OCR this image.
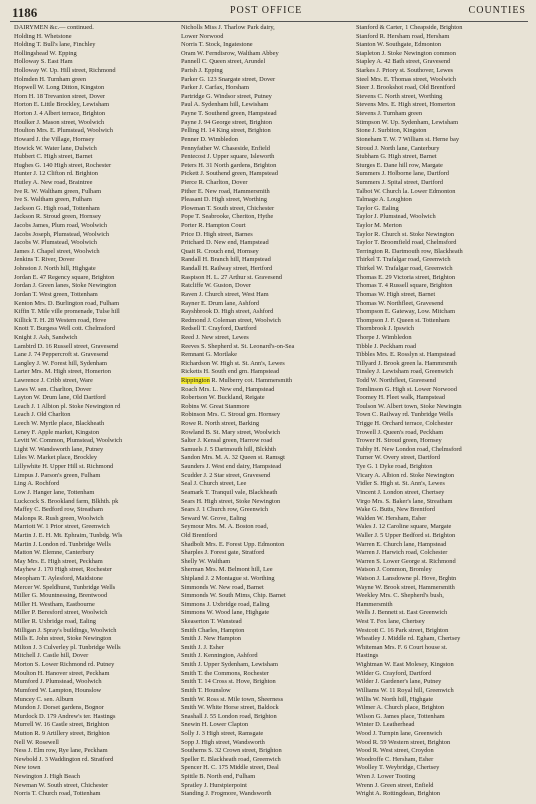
1186	POST OFFICE	COUNTIES
DAIRYMEN &c.— continued.
Holding H. Whetstone
Holding T. Bull's lane, Finchley
Hollingshead W. Epping
Holloway S. East Ham
Holloway W. Up. Hill street, Richmond
Holmden H. Turnham green
Hopwell W. Long Ditton, Kingston
Horn H. 18 Trevanion street, Dover
Horton E. Little Brockley, Lewisham
Horton J. 4 Albert terrace, Brighton
Houlker J. Mason street, Woolwich
Houlton Mrs. E. Plumstead, Woolwich
Howard J. the Village, Hornsey
Howick W. Water lane, Dulwich
Hubbert C. High street, Barnet
Hughes G. 140 High street, Rochester
Hunter J. 12 Clifton rd. Brighton
Hutley A. New road, Braintree
Ive R. W. Waltham green, Fulham
Ive S. Waltham green, Fulham
Jackson G. High road, Tottenham
Jackson R. Stroud green, Hornsey
Jacobs James, Plum road, Woolwich
Jacobs Joseph, Plumstead, Woolwich
Jacobs W. Plumstead, Woolwich
James J. Chapel street, Woolwich
Jenkins T. River, Dover
Johnston J. North hill, Highgate
Jordan E. 47 Regency square, Brighton
Jordan J. Green lanes, Stoke Newington
Jordan T. West green, Tottenham
Kenton Mrs. D. Burlington road, Fulham
Kiffin T. Mile ville promenade, Tulse hill
Killick T. H. 28 Western road, Hove
Knott T. Burgess Well cott. Chelmsford
Knight J. Ash, Sandwich
Lambird D. 16 Russell street, Gravesend
Lane J. 74 Peppercroft st. Gravesend
Langley J. W. Forest hill, Sydenham
Larter Mrs. M. High street, Homerton
Lawrence J. Cribb street, Ware
Laws W. sen. Charlton, Dover
Layton W. Drum lane, Old Dartford
Leach J. 1 Albion pl. Stoke Newington rd
Leach J. Old Charlton
Leech W. Myrtle place, Blackheath
Leney F. Apple market, Kingston
Levitt W. Common, Plumstead, Woolwich
Light W. Wandsworth lane, Putney
Liles W. Market place, Brockley
Lillywhite H. Upper Hill st. Richmond
Limpus J. Parson's green, Fulham
Ling A. Rochford
Low J. Hanger lane, Tottenham
Luckcock S. Brookland farm, Blkhth. pk
Maffey C. Bedford row, Streatham
Malonps R. Rush green, Woolwich
Marriott W. 1 Prior street, Greenwich
Martin J. E. H. Mt. Ephraim, Tunbdg. Wls
Martin J. London rd. Tunbridge Wells
Matton W. Elemne, Canterbury
May Mrs. E. High street, Peckham
Mayhew J. 170 High street, Rochester
Meopham T. Aylesford, Maidstone
Mercer W. Speldhurst, Tunbridge Wells
Miller G. Mountnessing, Brentwood
Miller H. Westham, Eastbourne
Miller P. Beresford street, Woolwich
Miller R. Uxbridge road, Ealing
Milligan J. Spray's buildings, Woolwich
Mills E. John street, Stoke Newington
Milton J. 3 Culverley pl. Tunbridge Wells
Mitchell J. Castle hill, Dover
Morton S. Lower Richmond rd. Putney
Moulton H. Hanover street, Peckham
Mumford J. Plumstead, Woolwich
Mumford W. Lampton, Hounslow
Muncey C. sen. Alburn
Mundon J. Dorset gardens, Bognor
Murdock D. 179 Andrew's ter. Hastings
Murrell W. 16 Castle street, Brighton
Mutton R. 9 Artillery street, Brighton
Nell W. Rosewell
Ness J. Elm row, Rye lane, Peckham
Newbold J. 3 Waddington rd. Stratford
New town
Newington J. High Beach
Newman W. South street, Chichester
Norris T. Church road, Tottenham
Nicholls Miss J. Tharlow Park dairy,
Lower Norwood
Norris T. Stock, Ingatestone
Oram W. Ferndisrow, Waltham Abbey
Pannell C. Queen street, Arundel
Parish J. Epping
Parker G. 123 Snargate street, Dover
Parker J. Carfax, Horsham
Partridge G. Windsor street, Putney
Paul A. Sydenham hill, Lewisham
Payne T. Southend green, Hampstead
Payne J. 94 George street, Brighton
Pelling H. 14 King street, Brighton
Penner D. Wimbledon
Pennyfather W. Chaseside, Enfield
Pentecost J. Upper square, Isleworth
Peters H. 31 North gardens, Brighton
Pickett J. Southend green, Hampstead
Pierce R. Charlton, Dover
Pither E. New road, Hammersmith
Pleasant D. High street, Worthing
Plowman T. South street, Chichester
Pope T. Seabrooke, Cheriton, Hythe
Porter R. Hampton Court
Price D. High street, Barnes
Pritchard D. New end, Hampstead
Quait R. Crouch end, Hornsey
Randall H. Branch hill, Hampstead
Randall H. Railway street, Hertford
Raspison H. L. 27 Arthur st. Gravesend
Ratcliffe W. Guston, Dover
Raven J. Church street, West Ham
Rayner E. Drum lane, Ashford
Rayshbrook D. High street, Ashford
Redmond J. Coleman street, Woolwich
Redsell T. Crayford, Dartford
Reed J. New street, Lewes
Reeves S. Shepherd st. St. Leonard's-on-Sea
Remnant G. Mortlake
Richardson W. High st. St. Ann's, Lewes
Ricketts H. South end grn. Hampstead
Rippington R. Mulberry cot. Hammersmith
Roach Mrs. L. New end, Hampstead
Robertson W. Buckland, Reigate
Robins W. Great Stanmore
Robinson Mrs. C. Stroud grn. Hornsey
Rowe R. North street, Barking
Rowland B. St. Mary street, Woolwich
Salter J. Kensal green, Harrow road
Samuels J. 5 Dartmouth hill, Blckhth
Sandon Mrs. M. A. 32 Queen st. Ramsgt
Saunders J. West end dairy, Hampstead
Scudder J. 2 Star street, Gravesend
Seal J. Church street, Lee
Seamark T. Tranquil vale, Blackheath
Sears H. High street, Stoke Newington
Sears J. 1 Church row, Greenwich
Seward W. Grove, Ealing
Seymour Mrs. M. A. Boston road,
Old Brentford
Shadbolt Mrs. E. Forest Upp. Edmonton
Sharples J. Forest gate, Stratford
Shelly W. Waltham
Sherman Mrs. M. Belmont hill, Lee
Shipland J. 2 Montague st. Worthing
Simmonds W. New road, Barnet
Simmonds W. South Mims, Chip. Barnet
Simmons J. Uxbridge road, Ealing
Simmons W. Wood lane, Highgate
Skeaserton T. Wanstead
Smith Charles, Hampton
Smith J. New Hampton
Smith J. J. Esher
Smith J. Kennington, Ashford
Smith J. Upper Sydenham, Lewisham
Smith T. the Commons, Rochester
Smith T. 14 Cross st. Hove, Brighton
Smith T. Hounslow
Smith W. Ross st. Mile town, Sheerness
Smith W. White Horse street, Baldock
Snashall J. 55 London road, Brighton
Snewin H. Lower Clapton
Solly J. 3 High street, Ramsgate
Sopp J. High street, Wandsworth
Southerns S. 32 Crown street, Brighton
Speller E. Blackheath road, Greenwich
Spencer H. C. 175 Middle street, Deal
Spittle B. North end, Fulham
Spratley J. Hurstpierpoint
Standing J. Frogmore, Wandsworth
Stanford & Carter, 1 Cheapside, Brighton
Stanford R. Hersham road, Hersham
Stanton W. Southgate, Edmonton
Stapleton J. Stoke Newington common
Stapley A. 42 Bath street, Gravesend
Starkes J. Priory st. Southover, Lewes
Steel Mrs. E. Thomas street, Woolwich
Steer J. Brookshot road, Old Brentford
Stevens C. North street, Worthing
Stevens Mrs. E. High street, Homerton
Stevens J. Turnham green
Stimpson W. Up. Sydenham, Lewisham
Stone J. Surbiton, Kingston
Stoneham T. W. 7 William st. Herne bay
Stroud J. North lane, Canterbury
Stubham G. High street, Barnet
Sturges E. Dane hill row, Margate
Summers J. Holborne lane, Dartford
Summers J. Spital street, Dartford
Talbot W. Church la. Lower Edmonton
Talmage A. Loughton
Taylor G. Ealing
Taylor J. Plumstead, Woolwich
Taylor M. Merton
Taylor R. Church st. Stoke Newington
Taylor T. Broomfield road, Chelmsford
Terrington R. Dartmouth row, Blackheath
Thirkel T. Trafalgar road, Greenwich
Thirkel W. Trafalgar road, Greenwich
Thomas E. 29 Victoria street, Brighton
Thomas T. 4 Russell square, Brighton
Thomas W. High street, Barnet
Thomas W. Northfleet, Gravesend
Thompson E. Gateway, Low. Mitcham
Thompson J. F. Queen st. Tottenham
Thornbrook J. Ipswich
Thorpe J. Wimbledon
Tibble J. Peckham road
Tibbles Mrs. E. Rosslyn st. Hampstead
Tillyard J. Brook green la. Hammrsmth
Tinsley J. Lewisham road, Greenwich
Todd W. Northfleet, Gravesend
Tomlinson G. High st. Lower Norwood
Toomey H. Fleet walk, Hampstead
Toulson W. Albert town, Stoke Newingtn
Town C. Railway rd. Tunbridge Wells
Trigge H. Orchard terrace, Colchester
Trowell J. Queen's road, Peckham
Trower H. Stroud green, Hornsey
Tubby H. New London road, Chelmsford
Turner W. Overy street, Dartford
Tye G. 1 Dyke road, Brighton
Vicary A. Albion rd. Stoke Newington
Vidler S. High st. St. Ann's, Lewes
Vincent J. London street, Chertsey
Virgo Mrs. S. Baker's lane, Streatham
Wake G. Butts, New Brentford
Walden W. Hersham, Esher
Wales J. 12 Caroline square, Margate
Waller J. 5 Upper Bedford st. Brighton
Warren E. Church lane, Hampstead
Warren J. Harwich road, Colchester
Warren S. Lower George st. Richmond
Watson J. Common, Bromley
Watson J. Lansdowne pl. Hove, Brghtn
Wayne W. Brook street, Hammersmith
Weekley Mrs. C. Shepherd's bush,
Hammersmith
Wells J. Bennett st. East Greenwich
West T. Fox lane, Chertsey
Westcott C. 16 Park street, Brighton
Wheatley J. Middle rd. Egham, Chertsey
Whiteman Mrs. F. 6 Court house st.
Hastings
Wightman W. East Molesey, Kingston
Wilder G. Crayford, Dartford
Wilder J. Gardener's lane, Putney
Williams W. 11 Royal hill, Greenwich
Willis W. North hill, Highgate
Wilmer A. Church place, Brighton
Wilson G. James place, Tottenham
Winter D. Leatherhead
Wood J. Turnpin lane, Greenwich
Wood R. 59 Western street, Brighton
Wood R. West street, Croydon
Woodroffe C. Hersham, Esher
Woolley T. Weybridge, Chertsey
Wren J. Lower Tooting
Wrenn J. Green street, Enfield
Wright A. Rottingdean, Brighton
